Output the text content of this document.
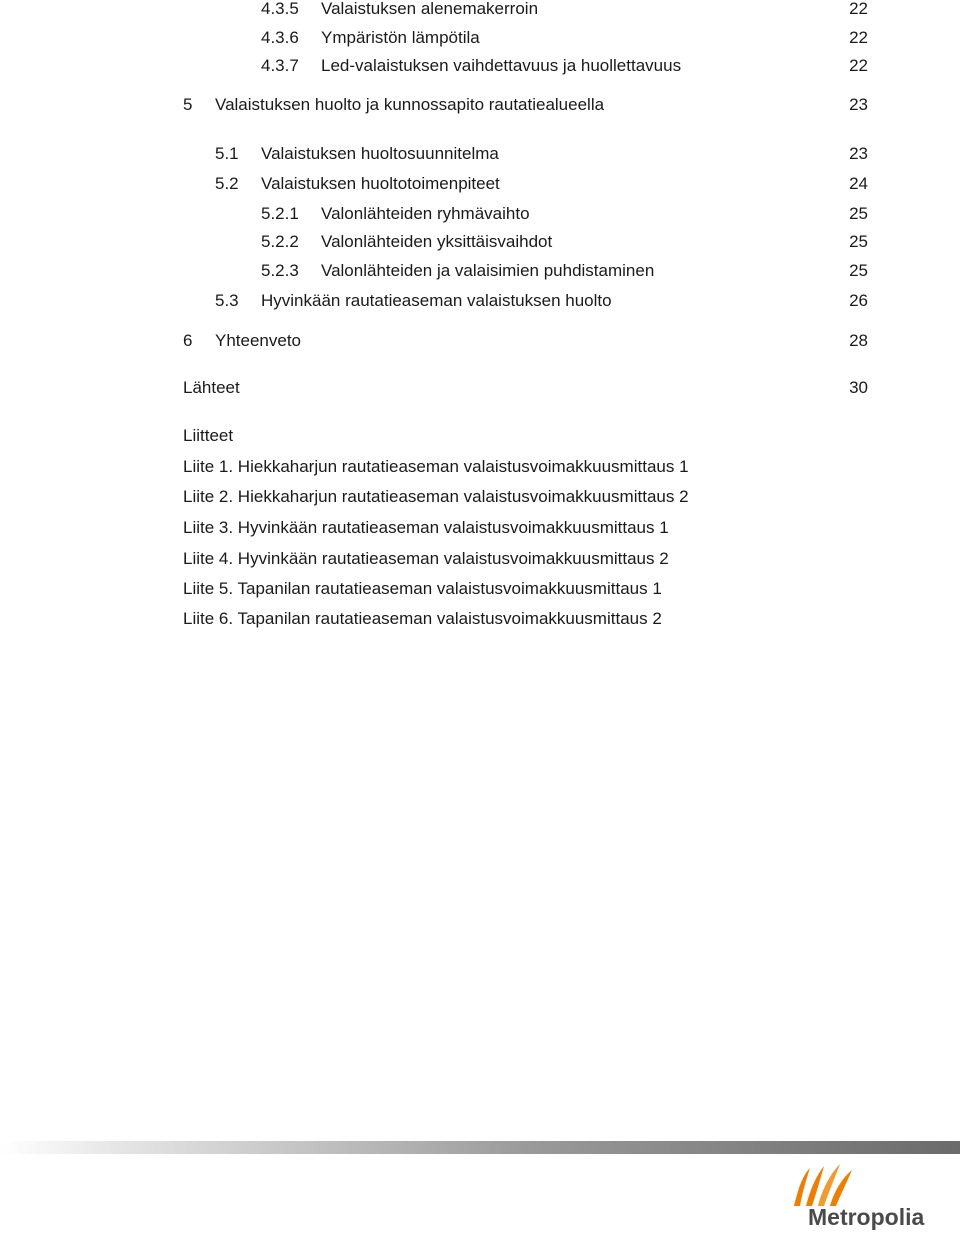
4.3.5 Valaistuksen alenemakerroin	22
4.3.6 Ympäristön lämpötila	22
4.3.7 Led-valaistuksen vaihdettavuus ja huollettavuus	22
5 Valaistuksen huolto ja kunnossapito rautatiealueella	23
5.1 Valaistuksen huoltosuunnitelma	23
5.2 Valaistuksen huoltotoimenpiteet	24
5.2.1 Valonlähteiden ryhmävaihto	25
5.2.2 Valonlähteiden yksittäisvaihdot	25
5.2.3 Valonlähteiden ja valaisimien puhdistaminen	25
5.3 Hyvinkään rautatieaseman valaistuksen huolto	26
6 Yhteenveto	28
Lähteet	30
Liitteet
Liite 1. Hiekkaharjun rautatieaseman valaistusvoimakkuusmittaus 1
Liite 2. Hiekkaharjun rautatieaseman valaistusvoimakkuusmittaus 2
Liite 3. Hyvinkään rautatieaseman valaistusvoimakkuusmittaus 1
Liite 4. Hyvinkään rautatieaseman valaistusvoimakkuusmittaus 2
Liite 5. Tapanilan rautatieaseman valaistusvoimakkuusmittaus 1
Liite 6. Tapanilan rautatieaseman valaistusvoimakkuusmittaus 2
Metropolia
